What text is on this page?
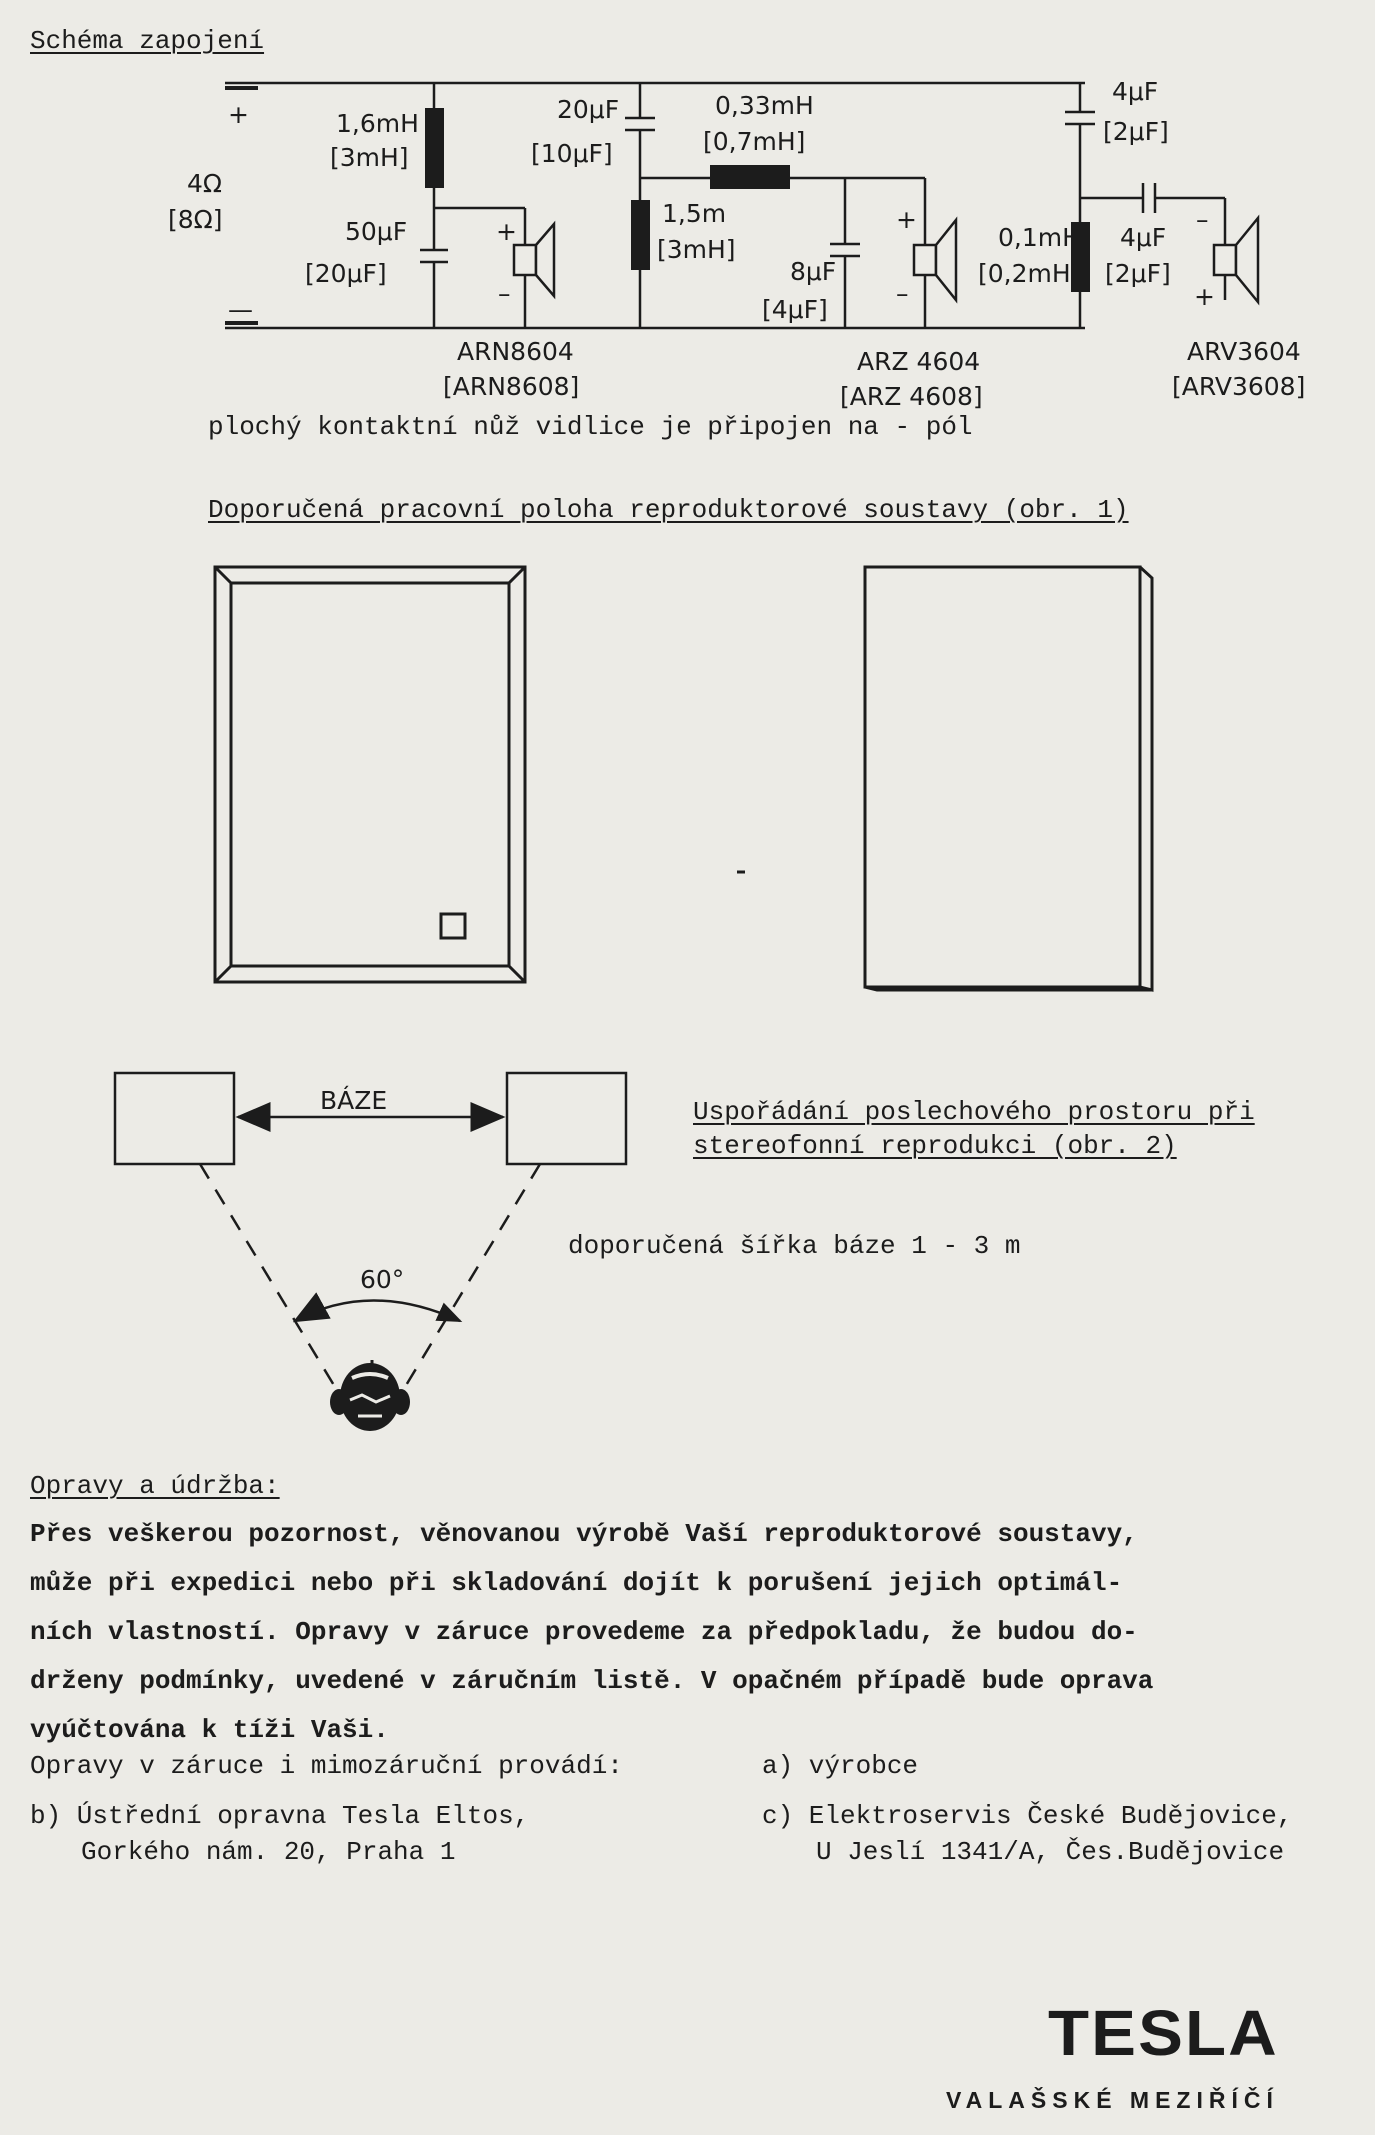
Schéma zapojení
+
—
4Ω
[8Ω]
1,6mH
[3mH]
50μF
[20μF]
20μF
[10μF]
0,33mH
[0,7mH]
1,5m
[3mH]
8μF
[4μF]
4μF
[2μF]
0,1mH
[0,2mH]
4μF
[2μF]
+
–
+
–
–
+
ARN8604
[ARN8608]
ARZ 4604
[ARZ 4608]
ARV3604
[ARV3608]
plochý kontaktní nůž vidlice je připojen na - pól
Doporučená pracovní poloha reproduktorové soustavy (obr. 1)
BÁZE
60°
Uspořádání poslechového prostoru při
stereofonní reprodukci (obr. 2)
doporučená šířka báze 1 - 3 m
Opravy a údržba:
Přes veškerou pozornost, věnovanou výrobě Vaší reproduktorové soustavy,
může při expedici nebo při skladování dojít k porušení jejich optimál-
ních vlastností. Opravy v záruce provedeme za předpokladu, že budou do-
drženy podmínky, uvedené v záručním listě. V opačném případě bude oprava
vyúčtována k tíži Vaši.
Opravy v záruce i mimozáruční provádí:	a) výrobce
b) Ústřední opravna Tesla Eltos,
Gorkého nám. 20, Praha 1
c) Elektroservis České Budějovice,
U Jeslí 1341/A, Čes.Budějovice
TESLA
VALAŠSKÉ MEZIŘÍČÍ
